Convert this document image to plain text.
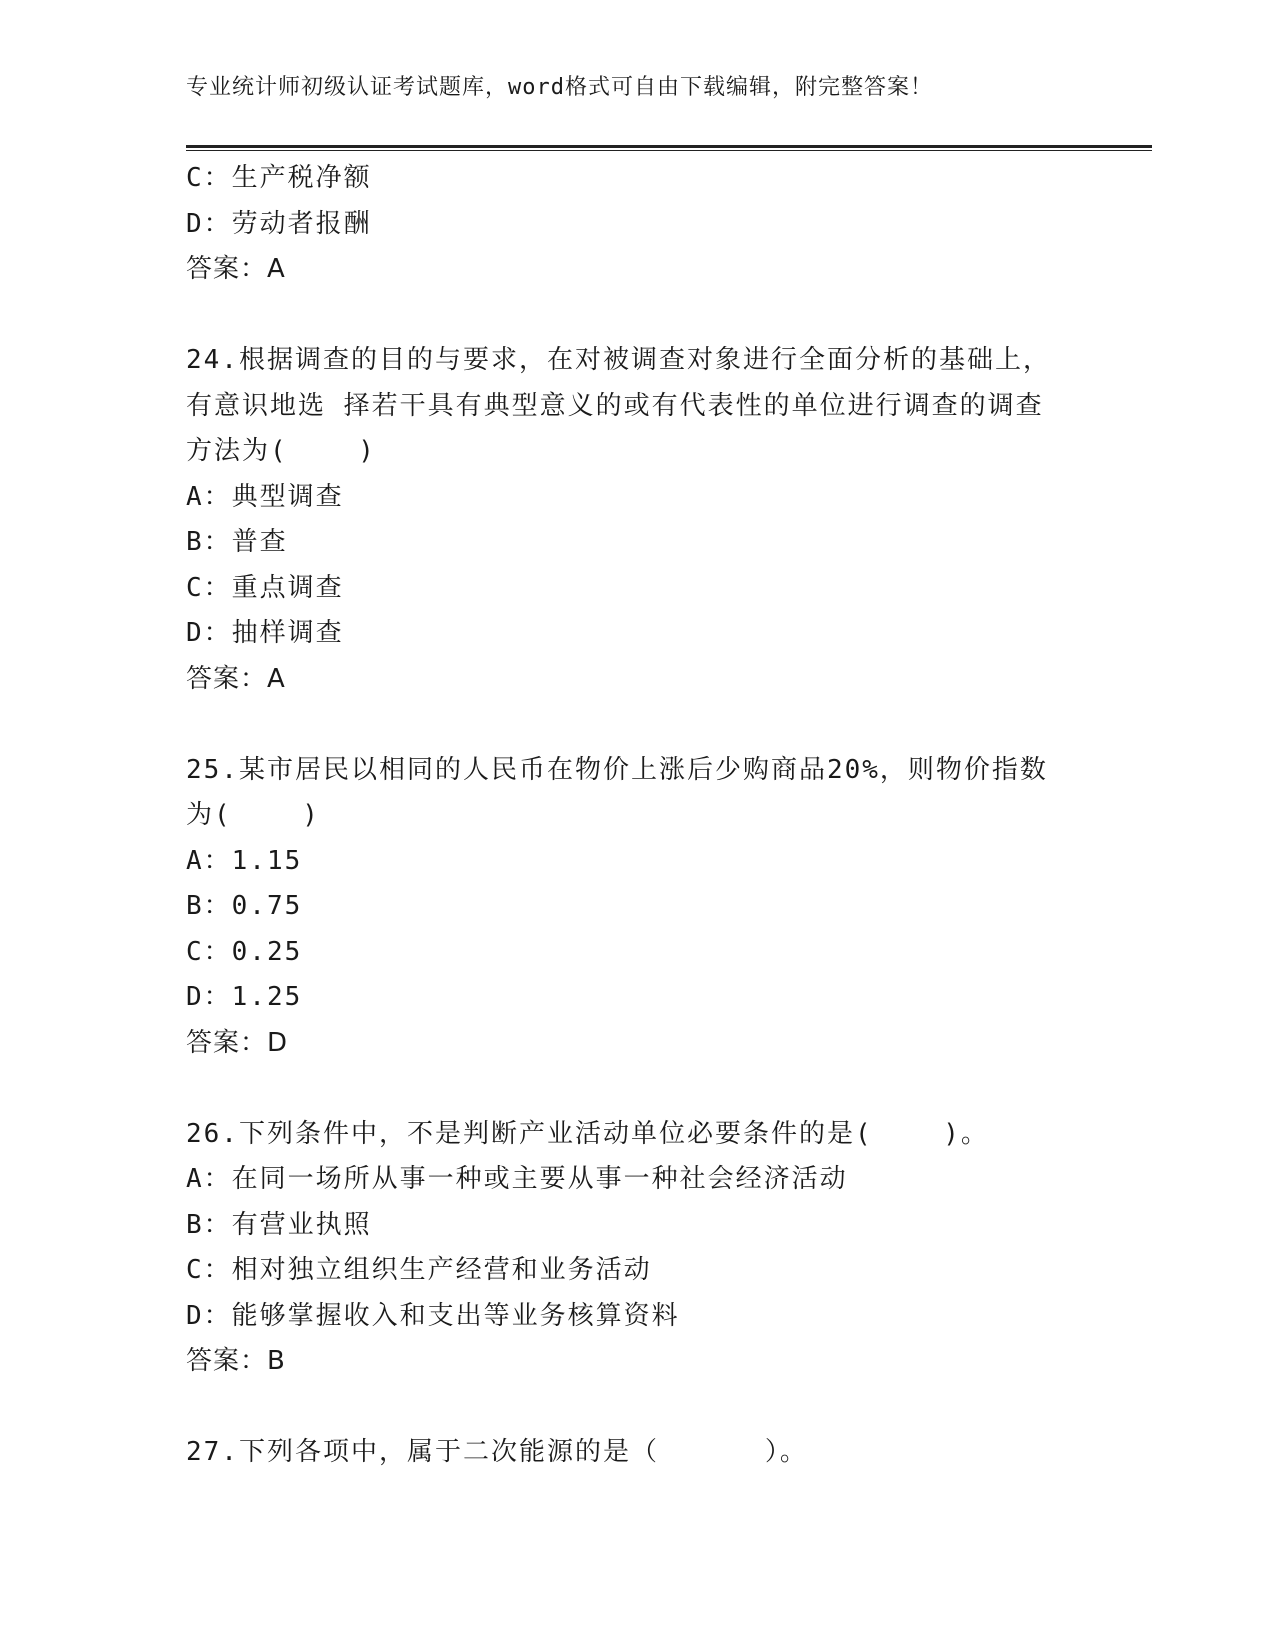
专业统计师初级认证考试题库，word格式可自由下载编辑，附完整答案！
C：生产税净额
D：劳动者报酬
答案：A
24.根据调查的目的与要求，在对被调查对象进行全面分析的基础上，
有意识地选 择若干具有典型意义的或有代表性的单位进行调查的调查
方法为(    )
A：典型调查
B：普查
C：重点调查
D：抽样调查
答案：A
25.某市居民以相同的人民币在物价上涨后少购商品20%，则物价指数
为(    )
A：1.15
B：0.75
C：0.25
D：1.25
答案：D
26.下列条件中，不是判断产业活动单位必要条件的是(    )。
A：在同一场所从事一种或主要从事一种社会经济活动
B：有营业执照
C：相对独立组织生产经营和业务活动
D：能够掌握收入和支出等业务核算资料
答案：B
27.下列各项中，属于二次能源的是（      ）。
